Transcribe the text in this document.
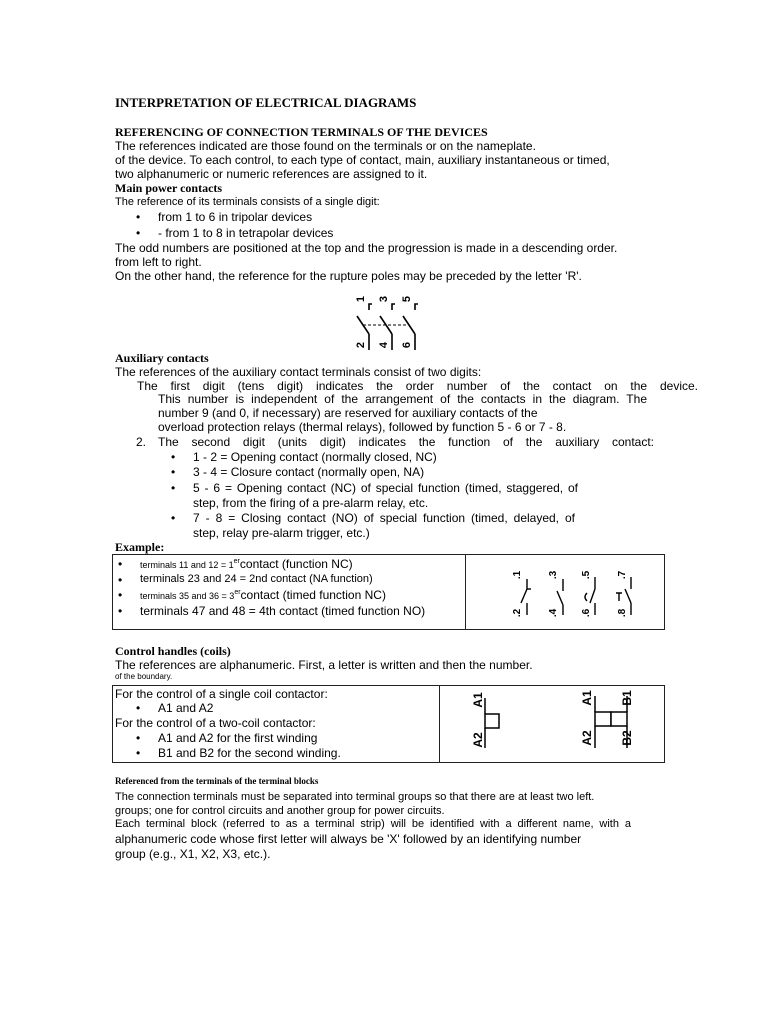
INTERPRETATION OF ELECTRICAL DIAGRAMS
REFERENCING OF CONNECTION TERMINALS OF THE DEVICES
The references indicated are those found on the terminals or on the nameplate.
of the device. To each control, to each type of contact, main, auxiliary instantaneous or timed,
two alphanumeric or numeric references are assigned to it.
Main power contacts
The reference of its terminals consists of a single digit:
• from 1 to 6 in tripolar devices
• - from 1 to 8 in tetrapolar devices
The odd numbers are positioned at the top and the progression is made in a descending order.
from left to right.
On the other hand, the reference for the rupture poles may be preceded by the letter 'R'.
1 3 5
2 4 6
Auxiliary contacts
The references of the auxiliary contact terminals consist of two digits:
The first digit (tens digit) indicates the order number of the contact on the device.
This number is independent of the arrangement of the contacts in the diagram. The
number 9 (and 0, if necessary) are reserved for auxiliary contacts of the
overload protection relays (thermal relays), followed by function 5 - 6 or 7 - 8.
2. The second digit (units digit) indicates the function of the auxiliary contact:
• 1 - 2 = Opening contact (normally closed, NC)
• 3 - 4 = Closure contact (normally open, NA)
• 5 - 6 = Opening contact (NC) of special function (timed, staggered, of
step, from the firing of a pre-alarm relay, etc.
• 7 - 8 = Closing contact (NO) of special function (timed, delayed, of
step, relay pre-alarm trigger, etc.)
Example:
• terminals 11 and 12 = 1ercontact (function NC)
• terminals 23 and 24 = 2nd contact (NA function)
• terminals 35 and 36 = 3ercontact (timed function NC)
• terminals 47 and 48 = 4th contact (timed function NO)
.1	.3 .5	.7
.2	.4 .6	.8
Control handles (coils)
The references are alphanumeric. First, a letter is written and then the number.
of the boundary.
For the control of a single coil contactor:
• A1 and A2
For the control of a two-coil contactor:
• A1 and A2 for the first winding
• B1 and B2 for the second winding.
A1
A2
A1
A2
B1
B2
Referenced from the terminals of the terminal blocks
The connection terminals must be separated into terminal groups so that there are at least two left.
groups; one for control circuits and another group for power circuits.
Each terminal block (referred to as a terminal strip) will be identified with a different name, with a
alphanumeric code whose first letter will always be 'X' followed by an identifying number
group (e.g., X1, X2, X3, etc.).
